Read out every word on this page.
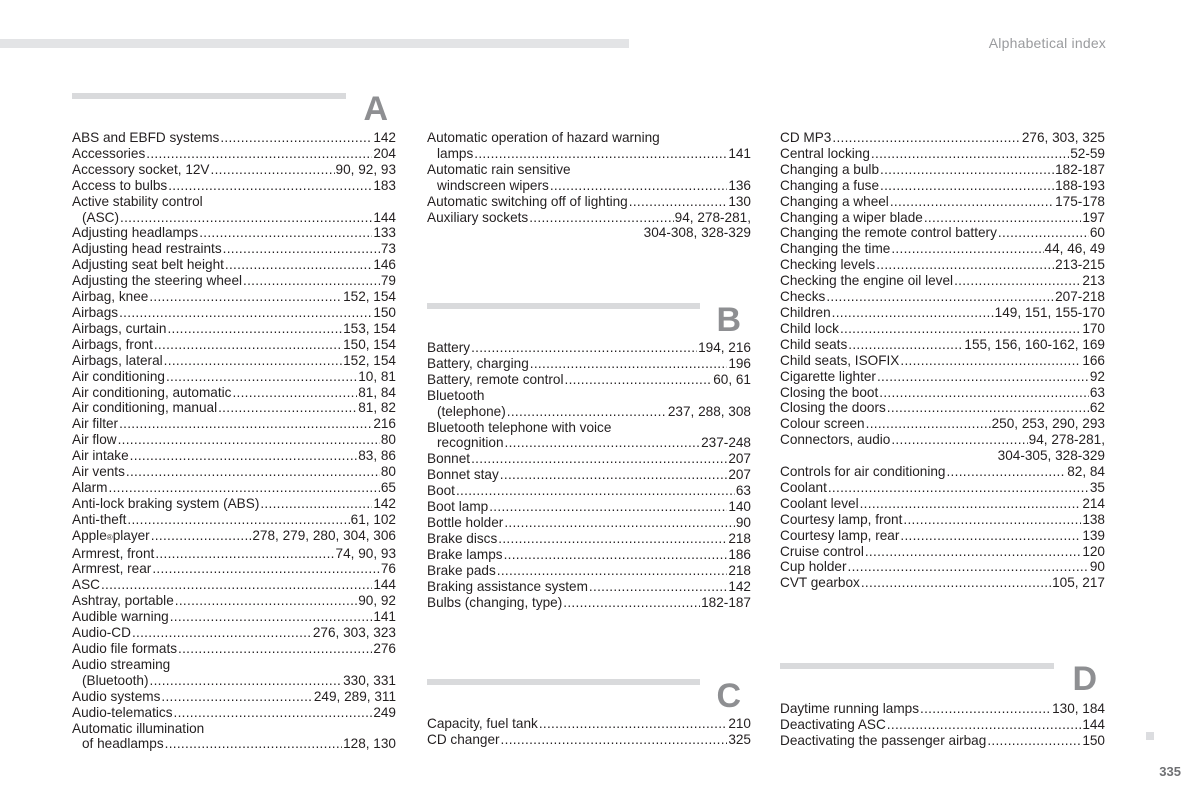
Alphabetical index
A
B
C	D
ABS and EBFD systems .....	142
Accessories .....	204
Accessory socket, 12V .....	90, 92, 93
Access to bulbs .....	183
Active stability control
(ASC) .....	144
Adjusting headlamps .....	133
Adjusting head restraints .....	73
Adjusting seat belt height .....	146
Adjusting the steering wheel .....	79
Airbag, knee .....	152, 154
Airbags .....	150
Airbags, curtain .....	153, 154
Airbags, front .....	150, 154
Airbags, lateral .....	152, 154
Air conditioning .....	10, 81
Air conditioning, automatic .....	81, 84
Air conditioning, manual .....	81, 82
Air filter .....	216
Air flow .....	80
Air intake .....	83, 86
Air vents .....	80
Alarm .....	65
Anti-lock braking system (ABS) .....	142
Anti-theft .....	61, 102
Apple ® player .....	278, 279, 280, 304, 306
Armrest, front .....	74, 90, 93
Armrest, rear .....	76
ASC .....	144
Ashtray, portable .....	90, 92
Audible warning .....	141
Audio-CD .....	276, 303, 323
Audio file formats .....	276
Audio streaming
(Bluetooth) .....	330, 331
Audio systems .....	249, 289, 311
Audio-telematics .....	249
Automatic illumination
of headlamps .....	128, 130
Automatic operation of hazard warning
lamps .....	141
Automatic rain sensitive
windscreen wipers .....	136
Automatic switching off of lighting .....	130
Auxiliary sockets .....	94, 278-281,
304-308, 328-329
Battery .....	194, 216
Battery, charging .....	196
Battery, remote control .....	60, 61
Bluetooth
(telephone) .....	237, 288, 308
Bluetooth telephone with voice
recognition .....	237-248
Bonnet .....	207
Bonnet stay .....	207
Boot .....	63
Boot lamp .....	140
Bottle holder .....	90
Brake discs .....	218
Brake lamps .....	186
Brake pads .....	218
Braking assistance system .....	142
Bulbs (changing, type) .....	182-187
Capacity, fuel tank .....	210
CD changer .....	325
CD MP3 .....	276, 303, 325
Central locking .....	52-59
Changing a bulb .....	182-187
Changing a fuse .....	188-193
Changing a wheel .....	175-178
Changing a wiper blade .....	197
Changing the remote control battery .....	60
Changing the time .....	44, 46, 49
Checking levels .....	213-215
Checking the engine oil level .....	213
Checks .....	207-218
Children .....	149, 151, 155-170
Child lock .....	170
Child seats .....	155, 156, 160-162, 169
Child seats, ISOFIX .....	166
Cigarette lighter .....	92
Closing the boot .....	63
Closing the doors .....	62
Colour screen .....	250, 253, 290, 293
Connectors, audio .....	94, 278-281,
304-305, 328-329
Controls for air conditioning .....	82, 84
Coolant .....	35
Coolant level .....	214
Courtesy lamp, front .....	138
Courtesy lamp, rear .....	139
Cruise control .....	120
Cup holder .....	90
CVT gearbox .....	105, 217
Daytime running lamps .....	130, 184
Deactivating ASC .....	144
Deactivating the passenger airbag .....	150
335
